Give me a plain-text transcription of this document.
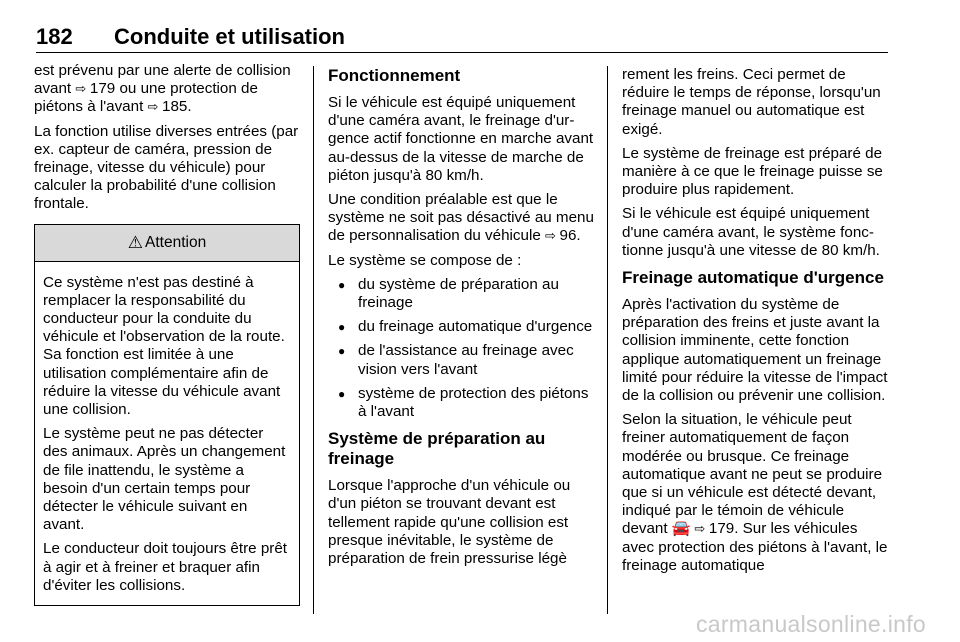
182 Conduite et utilisation

est prévenu par une alerte de collision avant ⇨ 179 ou une protection de piétons à l'avant ⇨ 185.

La fonction utilise diverses entrées (par ex. capteur de caméra, pression de freinage, vitesse du véhicule) pour calculer la probabilité d'une collision frontale.

⚠ Attention

Ce système n'est pas destiné à remplacer la responsabilité du conducteur pour la conduite du véhicule et l'observation de la route. Sa fonction est limitée à une utilisation complémentaire afin de réduire la vitesse du véhicule avant une collision.

Le système peut ne pas détecter des animaux. Après un changement de file inattendu, le système a besoin d'un certain temps pour détecter le véhicule suivant en avant.

Le conducteur doit toujours être prêt à agir et à freiner et braquer afin d'éviter les collisions.

Fonctionnement

Si le véhicule est équipé uniquement d'une caméra avant, le freinage d'urgence actif fonctionne en marche avant au-dessus de la vitesse de marche de piéton jusqu'à 80 km/h.

Une condition préalable est que le système ne soit pas désactivé au menu de personnalisation du véhicule ⇨ 96.

Le système se compose de :

● du système de préparation au freinage
● du freinage automatique d'urgence
● de l'assistance au freinage avec vision vers l'avant
● système de protection des piétons à l'avant
Système de préparation au freinage

Lorsque l'approche d'un véhicule ou d'un piéton se trouvant devant est tellement rapide qu'une collision est presque inévitable, le système de préparation de frein pressurise légè

rement les freins. Ceci permet de réduire le temps de réponse, lorsqu'un freinage manuel ou automatique est exigé.

Le système de freinage est préparé de manière à ce que le freinage puisse se produire plus rapidement.

Si le véhicule est équipé uniquement d'une caméra avant, le système fonctionne jusqu'à une vitesse de 80 km/h.

Freinage automatique d'urgence

Après l'activation du système de préparation des freins et juste avant la collision imminente, cette fonction applique automatiquement un freinage limité pour réduire la vitesse de l'impact de la collision ou prévenir une collision.

Selon la situation, le véhicule peut freiner automatiquement de façon modérée ou brusque. Ce freinage automatique avant ne peut se produire que si un véhicule est détecté devant, indiqué par le témoin de véhicule devant 🚘 ⇨ 179. Sur les véhicules avec protection des piétons à l'avant, le freinage automatique

carmanualsonline.info
